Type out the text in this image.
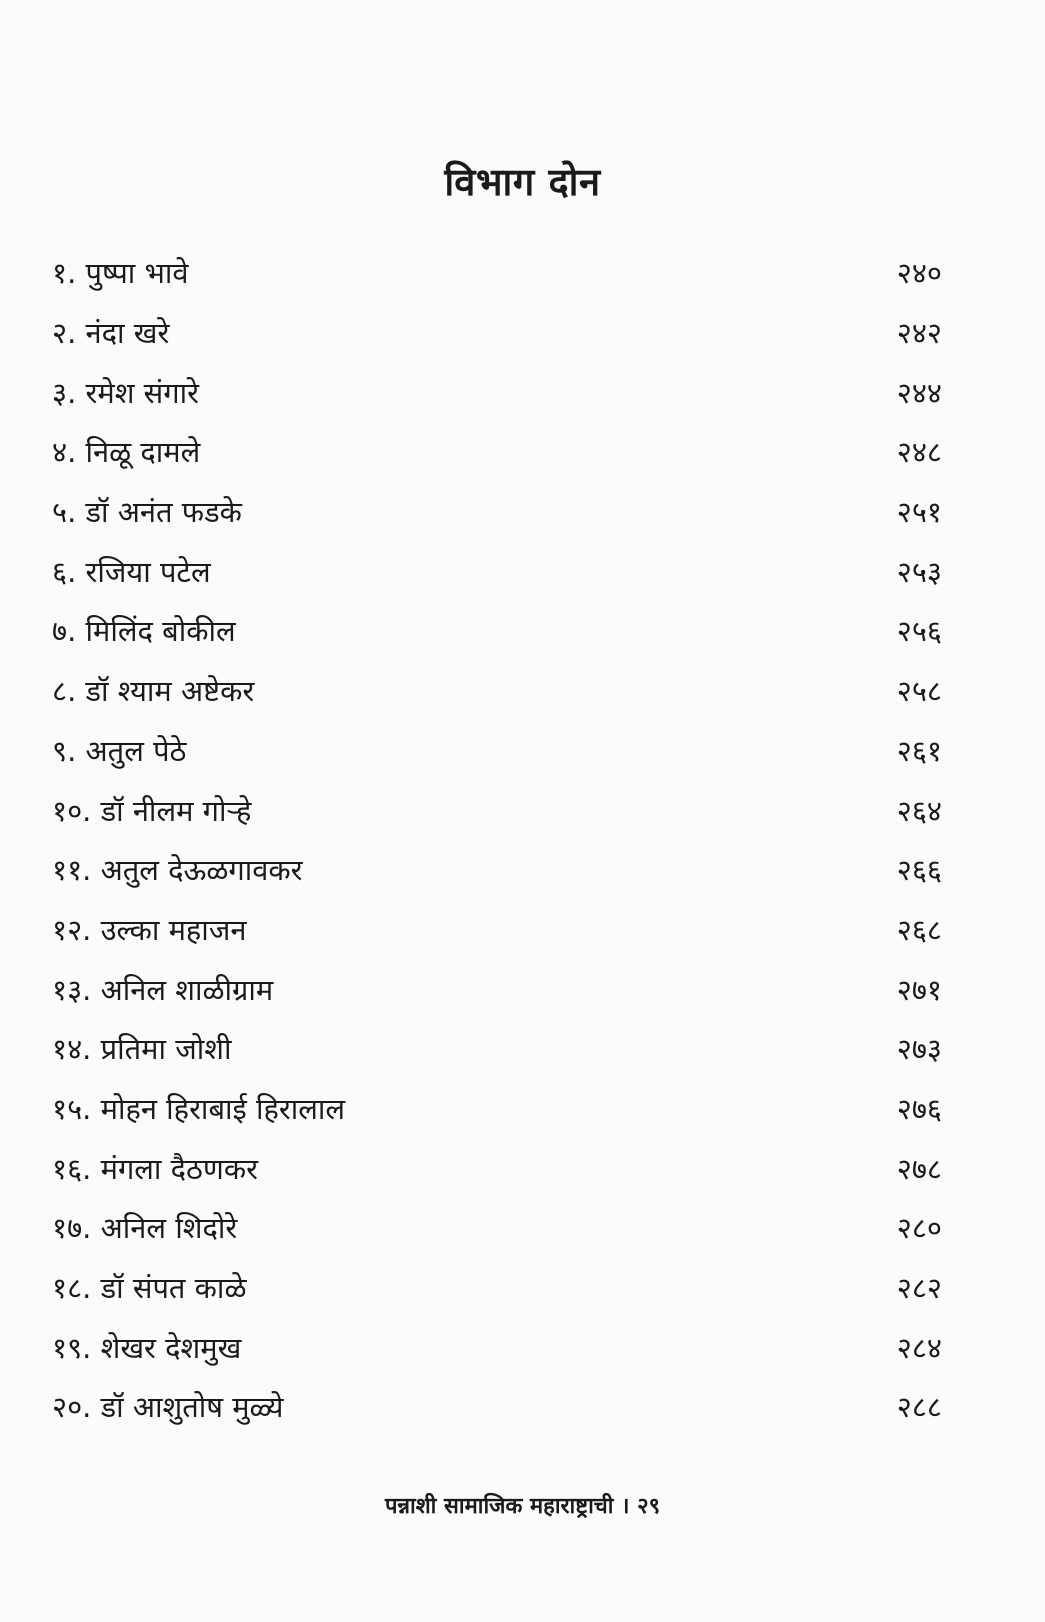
विभाग दोन
१. पुष्पा भावे	२४०
२. नंदा खरे	२४२
३. रमेश संगारे	२४४
४. निळू दामले	२४८
५. डॉ अनंत फडके	२५१
६. रजिया पटेल	२५३
७. मिलिंद बोकील	२५६
८. डॉ श्याम अष्टेकर	२५८
९. अतुल पेठे	२६१
१०. डॉ नीलम गोऱ्हे	२६४
११. अतुल देऊळगावकर	२६६
१२. उल्का महाजन	२६८
१३. अनिल शाळीग्राम	२७१
१४. प्रतिमा जोशी	२७३
१५. मोहन हिराबाई हिरालाल	२७६
१६. मंगला दैठणकर	२७८
१७. अनिल शिदोरे	२८०
१८. डॉ संपत काळे	२८२
१९. शेखर देशमुख	२८४
२०. डॉ आशुतोष मुळ्ये	२८८
पन्नाशी सामाजिक महाराष्ट्राची । २९
